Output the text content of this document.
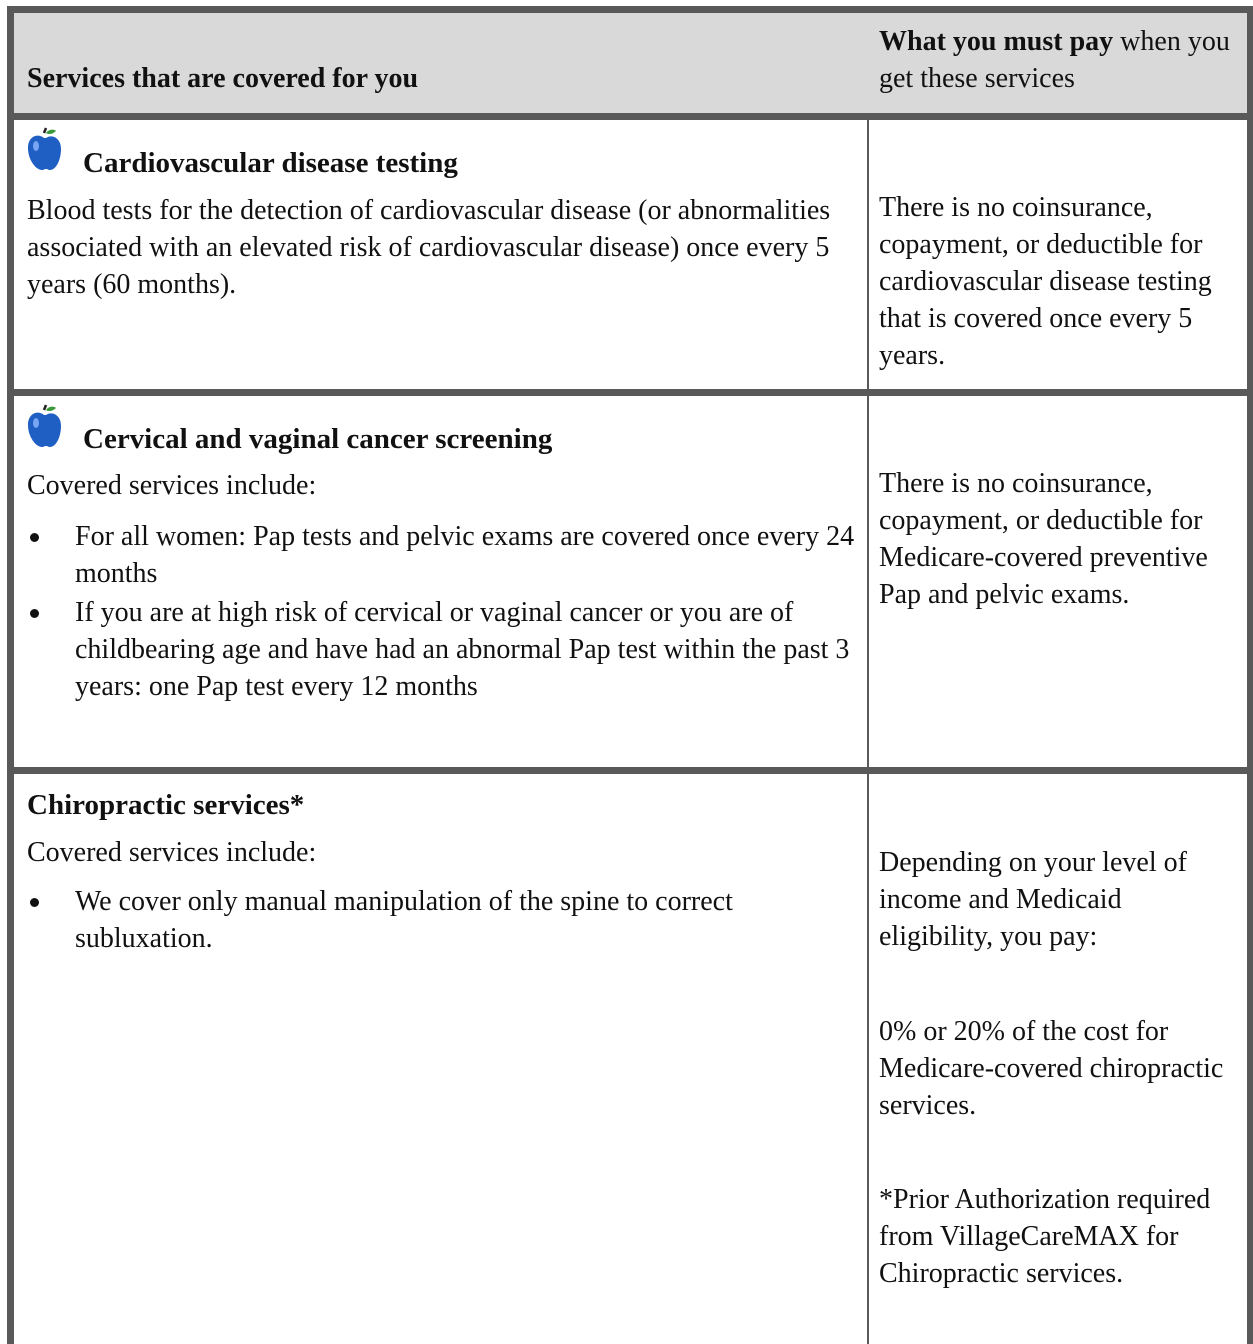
Services that are covered for you
What you must pay when you get these services
Cardiovascular disease testing
Blood tests for the detection of cardiovascular disease (or abnormalities associated with an elevated risk of cardiovascular disease) once every 5 years (60 months).
There is no coinsurance, copayment, or deductible for cardiovascular disease testing that is covered once every 5 years.
Cervical and vaginal cancer screening
Covered services include:
For all women: Pap tests and pelvic exams are covered once every 24 months
If you are at high risk of cervical or vaginal cancer or you are of childbearing age and have had an abnormal Pap test within the past 3 years: one Pap test every 12 months
There is no coinsurance, copayment, or deductible for Medicare-covered preventive Pap and pelvic exams.
Chiropractic services*
Covered services include:
We cover only manual manipulation of the spine to correct subluxation.
Depending on your level of income and Medicaid eligibility, you pay:
0% or 20% of the cost for Medicare-covered chiropractic services.
*Prior Authorization required from VillageCareMAX for Chiropractic services.
